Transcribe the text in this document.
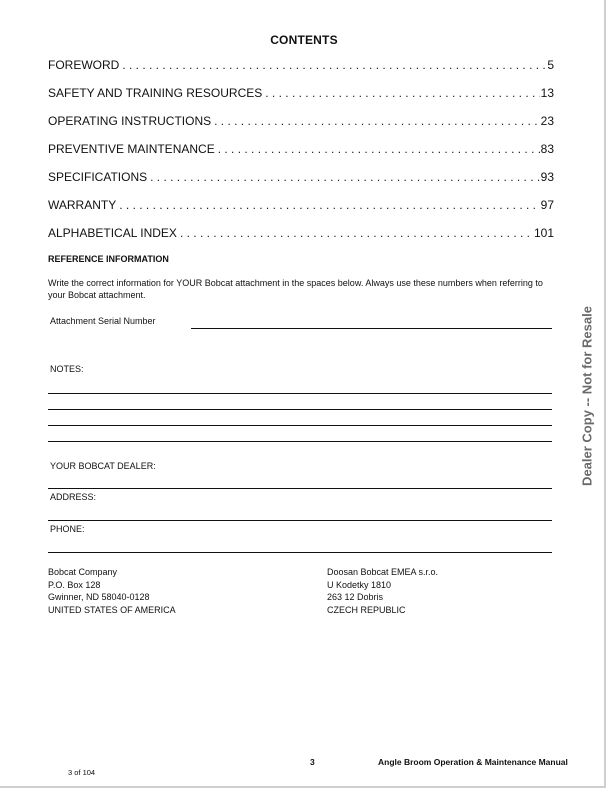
CONTENTS
FOREWORD . . .	5
SAFETY AND TRAINING RESOURCES . . .	13
OPERATING INSTRUCTIONS . . .	23
PREVENTIVE MAINTENANCE . . .	83
SPECIFICATIONS . . .	93
WARRANTY . . .	97
ALPHABETICAL INDEX . . .	101
REFERENCE INFORMATION
Write the correct information for YOUR Bobcat attachment in the spaces below. Always use these numbers when referring to your Bobcat attachment.
Attachment Serial Number
NOTES:
YOUR BOBCAT DEALER:
ADDRESS:
PHONE:
Bobcat Company
P.O. Box 128
Gwinner, ND 58040-0128
UNITED STATES OF AMERICA
Doosan Bobcat EMEA s.r.o.
U Kodetky 1810
263 12 Dobris
CZECH REPUBLIC
Dealer Copy -- Not for Resale
3	Angle Broom Operation & Maintenance Manual
3 of 104
